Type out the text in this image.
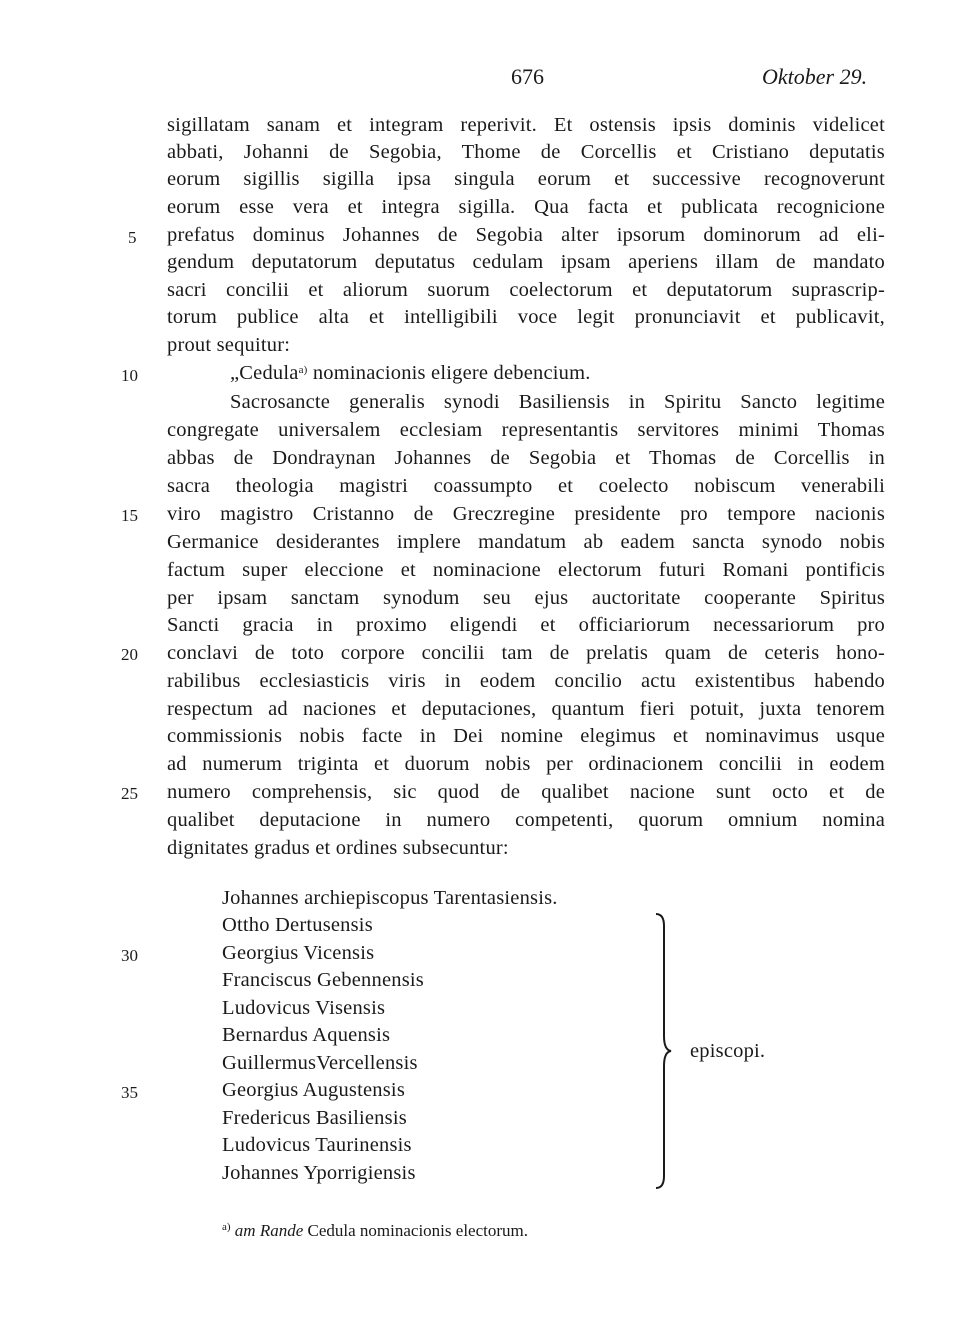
676	Oktober 29.
sigillatam sanam et integram reperivit. Et ostensis ipsis dominis videlicet
abbati, Johanni de Segobia, Thome de Corcellis et Cristiano deputatis
eorum sigillis sigilla ipsa singula eorum et successive recognoverunt
eorum esse vera et integra sigilla. Qua facta et publicata recognicione
prefatus dominus Johannes de Segobia alter ipsorum dominorum ad eli-
gendum deputatorum deputatus cedulam ipsam aperiens illam de mandato
sacri concilii et aliorum suorum coelectorum et deputatorum suprascrip-
torum publice alta et intelligibili voce legit pronunciavit et publicavit,
prout sequitur:
„Cedula$^{a)}$ nominacionis eligere debencium.
Sacrosancte generalis synodi Basiliensis in Spiritu Sancto legitime
congregate universalem ecclesiam representantis servitores minimi Thomas
abbas de Dondraynan Johannes de Segobia et Thomas de Corcellis in
sacra theologia magistri coassumpto et coelecto nobiscum venerabili
viro magistro Cristanno de Greczregine presidente pro tempore nacionis
Germanice desiderantes implere mandatum ab eadem sancta synodo nobis
factum super eleccione et nominacione electorum futuri Romani pontificis
per ipsam sanctam synodum seu ejus auctoritate cooperante Spiritus
Sancti gracia in proximo eligendi et officiariorum necessariorum pro
conclavi de toto corpore concilii tam de prelatis quam de ceteris hono-
rabilibus ecclesiasticis viris in eodem concilio actu existentibus habendo
respectum ad naciones et deputaciones, quantum fieri potuit, juxta tenorem
commissionis nobis facte in Dei nomine elegimus et nominavimus usque
ad numerum triginta et duorum nobis per ordinacionem concilii in eodem
numero comprehensis, sic quod de qualibet nacione sunt octo et de
qualibet deputacione in numero competenti, quorum omnium nomina
dignitates gradus et ordines subsecuntur:
5
10
15
20
25
30
35
Johannes archiepiscopus Tarentasiensis.
Ottho Dertusensis
Georgius Vicensis
Franciscus Gebennensis
Ludovicus Visensis
Bernardus Aquensis
GuillermusVercellensis
Georgius Augustensis
Fredericus Basiliensis
Ludovicus Taurinensis
Johannes Yporrigiensis
episcopi.
$^{a)}$ am Rande Cedula nominacionis electorum.
